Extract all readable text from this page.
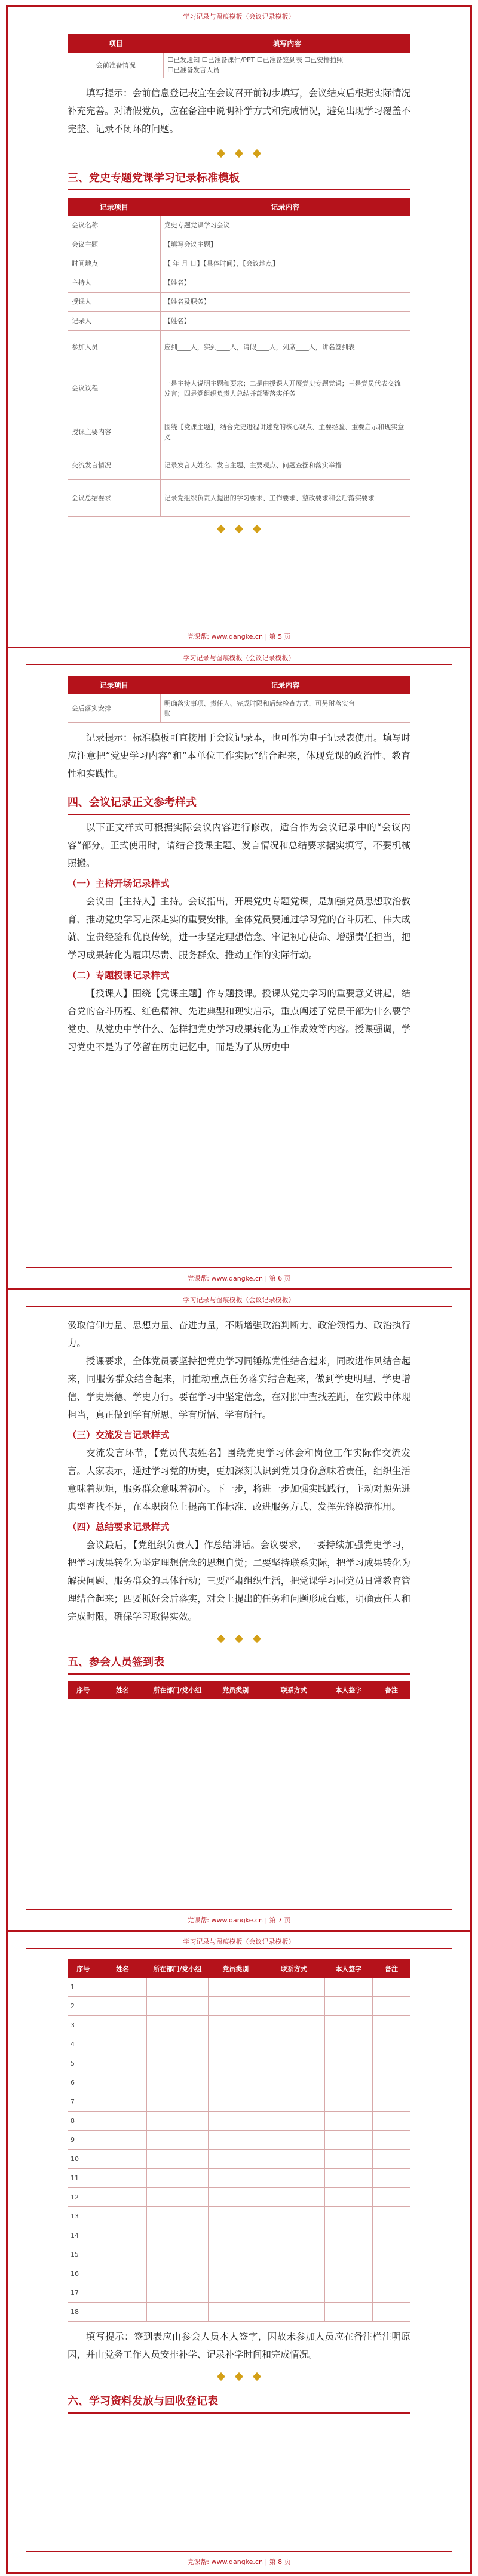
学习记录与留痕模板（会议记录模板）
项目	填写内容
会前准备情况	☐已发通知 ☐已准备课件/PPT ☐已准备签到表 ☐已安排拍照
☐已准备发言人员

填写提示：会前信息登记表宜在会议召开前初步填写，会议结束后根据实际情况补充完善。对请假党员，应在备注中说明补学方式和完成情况，避免出现学习覆盖不完整、记录不闭环的问题。

三、党史专题党课学习记录标准模板

记录项目	记录内容
会议名称	党史专题党课学习会议
会议主题	【填写会议主题】
时间地点	【 年 月 日】【具体时间】，【会议地点】
主持人	【姓名】
授课人	【姓名及职务】
记录人	【姓名】
参加人员	应到____人，实到____人，请假____人，列席____人，讲名签到表
会议议程	一是主持人说明主题和要求；二是由授课人开展党史专题党课；三是党员代表交流发言；四是党组织负责人总结并部署落实任务
授课主要内容	围绕【党课主题】，结合党史进程讲述党的核心观点、主要经验、重要启示和现实意义
交流发言情况	记录发言人姓名、发言主题、主要观点、问题查摆和落实举措
会议总结要求	记录党组织负责人提出的学习要求、工作要求、整改要求和会后落实要求
党课帮: www.dangke.cn | 第 5 页
学习记录与留痕模板（会议记录模板）
记录项目	记录内容
会后落实安排	明确落实事项、责任人、完成时限和后续检查方式，可另附落实台
账

记录提示：标准模板可直接用于会议记录本，也可作为电子记录表使用。填写时应注意把“党史学习内容”和“本单位工作实际”结合起来，体现党课的政治性、教育性和实践性。

四、会议记录正文参考样式

以下正文样式可根据实际会议内容进行修改，适合作为会议记录中的“会议内容”部分。正式使用时，请结合授课主题、发言情况和总结要求据实填写，不要机械照搬。

（一）主持开场记录样式

会议由【主持人】主持。会议指出，开展党史专题党课，是加强党员思想政治教育、推动党史学习走深走实的重要安排。全体党员要通过学习党的奋斗历程、伟大成就、宝贵经验和优良传统，进一步坚定理想信念、牢记初心使命、增强责任担当，把学习成果转化为履职尽责、服务群众、推动工作的实际行动。

（二）专题授课记录样式

【授课人】围绕【党课主题】作专题授课。授课从党史学习的重要意义讲起，结合党的奋斗历程、红色精神、先进典型和现实启示，重点阐述了党员干部为什么要学党史、从党史中学什么、怎样把党史学习成果转化为工作成效等内容。授课强调，学习党史不是为了停留在历史记忆中，而是为了从历史中

党课帮: www.dangke.cn | 第 6 页
学习记录与留痕模板（会议记录模板）

汲取信仰力量、思想力量、奋进力量，不断增强政治判断力、政治领悟力、政治执行力。

授课要求，全体党员要坚持把党史学习同锤炼党性结合起来，同改进作风结合起来，同服务群众结合起来，同推动重点任务落实结合起来，做到学史明理、学史增信、学史崇德、学史力行。要在学习中坚定信念，在对照中查找差距，在实践中体现担当，真正做到学有所思、学有所悟、学有所行。

（三）交流发言记录样式

交流发言环节，【党员代表姓名】围绕党史学习体会和岗位工作实际作交流发言。大家表示，通过学习党的历史，更加深刻认识到党员身份意味着责任，组织生活意味着规矩，服务群众意味着初心。下一步，将进一步加强实践践行，主动对照先进典型查找不足，在本职岗位上提高工作标准、改进服务方式、发挥先锋模范作用。

（四）总结要求记录样式

会议最后，【党组织负责人】作总结讲话。会议要求，一要持续加强党史学习，把学习成果转化为坚定理想信念的思想自觉；二要坚持联系实际，把学习成果转化为解决问题、服务群众的具体行动；三要严肃组织生活，把党课学习同党员日常教育管理结合起来；四要抓好会后落实，对会上提出的任务和问题形成台账，明确责任人和完成时限，确保学习取得实效。

五、参会人员签到表

序号	姓名	所在部门/党小组	党员类别	联系方式	本人签字	备注
党课帮: www.dangke.cn | 第 7 页
学习记录与留痕模板（会议记录模板）
序号	姓名	所在部门/党小组	党员类别	联系方式	本人签字	备注
1						
2						
3						
4						
5						
6						
7						
8						
9						
10						
11						
12						
13						
14						
15						
16						
17						
18						

填写提示：签到表应由参会人员本人签字，因故未参加人员应在备注栏注明原因，并由党务工作人员安排补学、记录补学时间和完成情况。

六、学习资料发放与回收登记表

党课帮: www.dangke.cn | 第 8 页
